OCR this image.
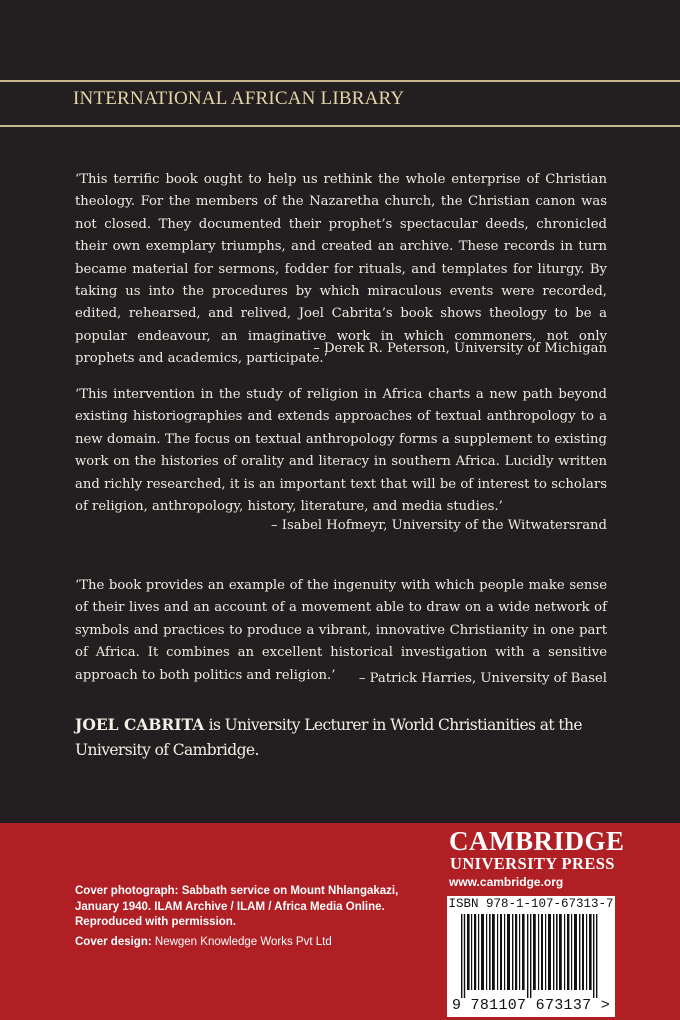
INTERNATIONAL AFRICAN LIBRARY

‘This terrific book ought to help us rethink the whole enterprise of Christian theology. For the members of the Nazaretha church, the Christian canon was not closed. They documented their prophet’s spectacular deeds, chronicled their own exemplary triumphs, and created an archive. These records in turn became material for sermons, fodder for rituals, and templates for liturgy. By taking us into the procedures by which miraculous events were recorded, edited, rehearsed, and relived, Joel Cabrita’s book shows theology to be a popular endeavour, an imaginative work in which commoners, not only prophets and academics, participate.’

– Derek R. Peterson, University of Michigan

‘This intervention in the study of religion in Africa charts a new path beyond existing historiographies and extends approaches of textual anthropology to a new domain. The focus on textual anthropology forms a supplement to existing work on the histories of orality and literacy in southern Africa. Lucidly written and richly researched, it is an important text that will be of interest to scholars of religion, anthropology, history, literature, and media studies.’

– Isabel Hofmeyr, University of the Witwatersrand

‘The book provides an example of the ingenuity with which people make sense of their lives and an account of a movement able to draw on a wide network of symbols and practices to produce a vibrant, innovative Christianity in one part of Africa. It combines an excellent historical investigation with a sensitive approach to both politics and religion.’	– Patrick Harries, University of Basel

JOEL CABRITA is University Lecturer in World Christianities at the University of Cambridge.

Cover photograph: Sabbath service on Mount Nhlangakazi, January 1940. ILAM Archive / ILAM / Africa Media Online. Reproduced with permission.

Cover design: Newgen Knowledge Works Pvt Ltd

CAMBRIDGE
UNIVERSITY PRESS
www.cambridge.org
ISBN 978-1-107-67313-7
9 781107 673137 >
